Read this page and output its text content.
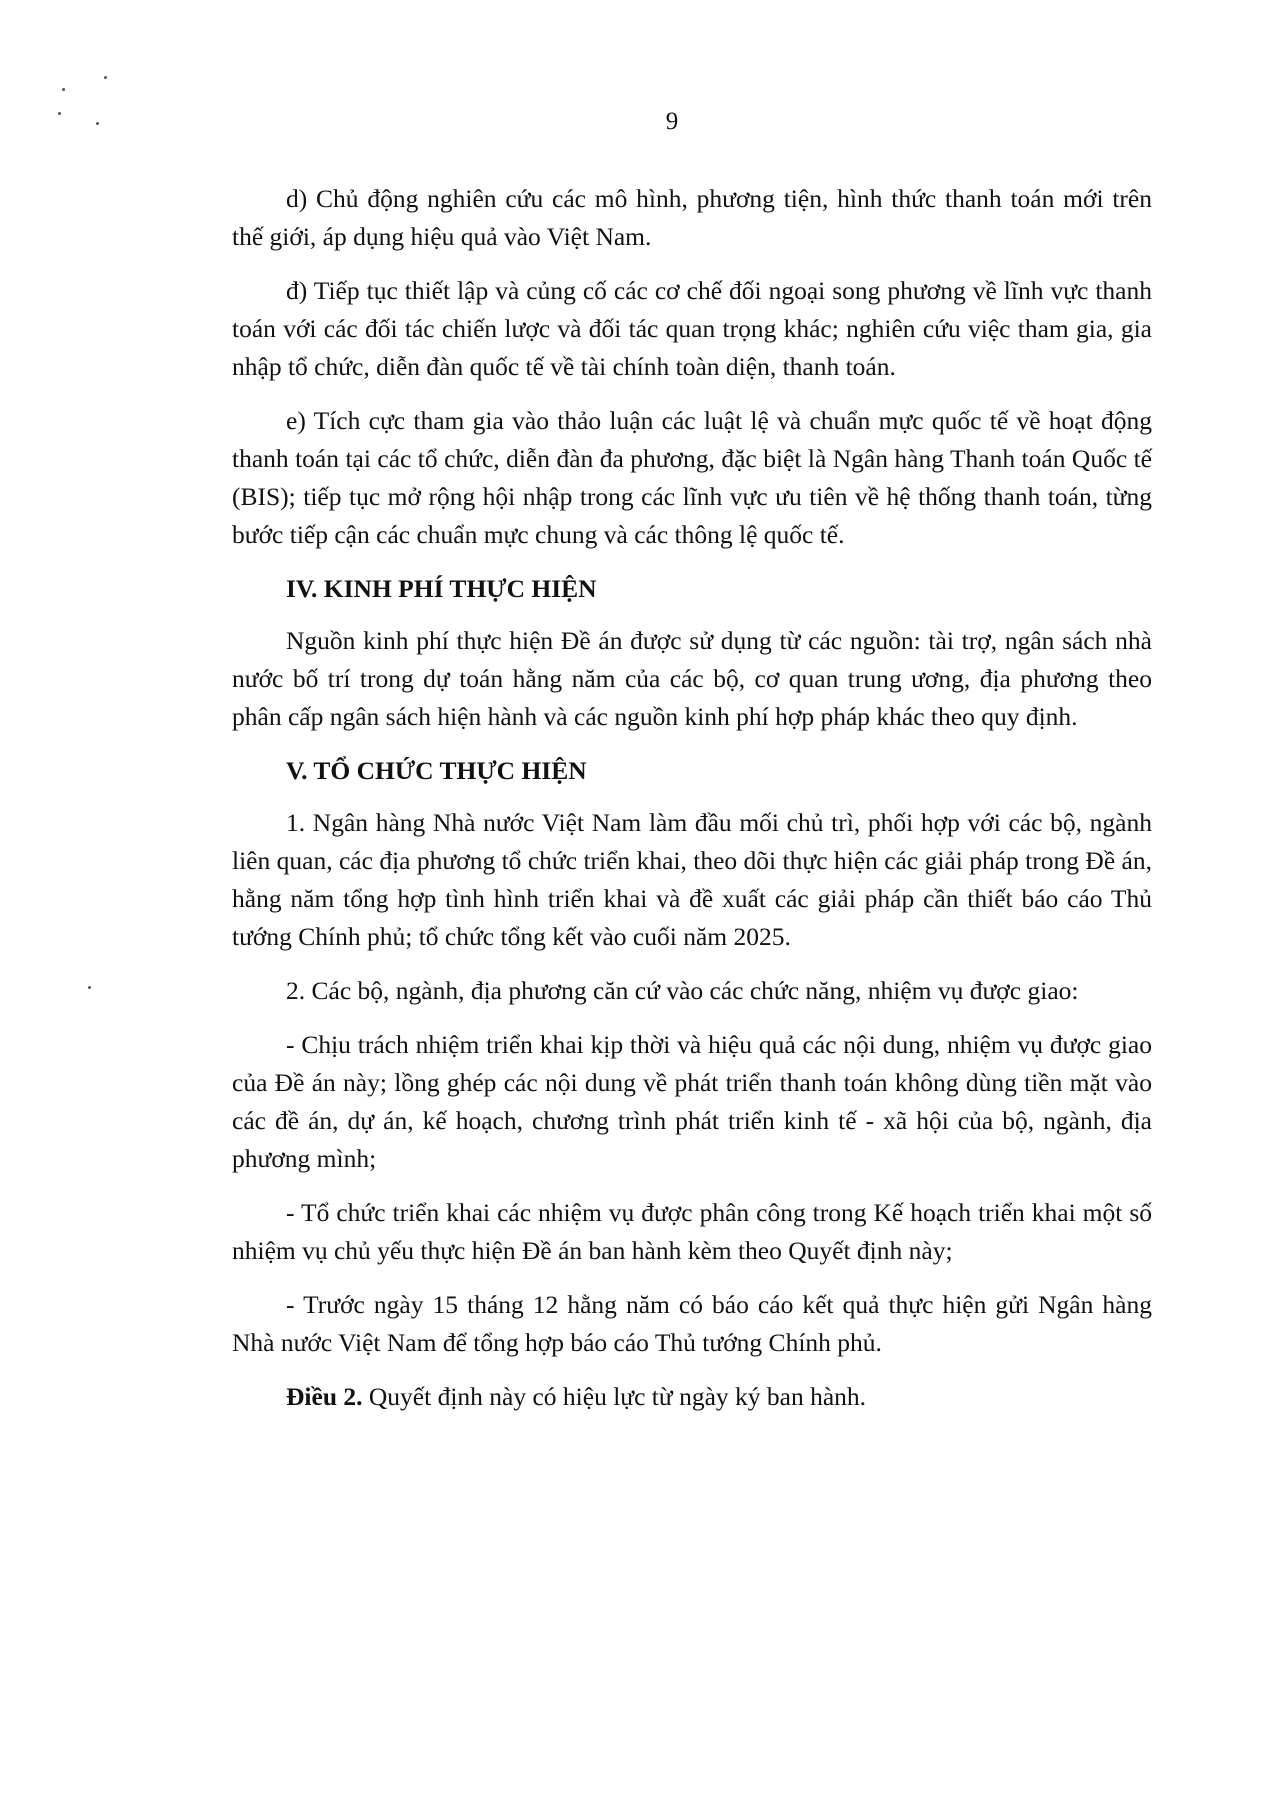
9

d) Chủ động nghiên cứu các mô hình, phương tiện, hình thức thanh toán mới trên thế giới, áp dụng hiệu quả vào Việt Nam.

đ) Tiếp tục thiết lập và củng cố các cơ chế đối ngoại song phương về lĩnh vực thanh toán với các đối tác chiến lược và đối tác quan trọng khác; nghiên cứu việc tham gia, gia nhập tổ chức, diễn đàn quốc tế về tài chính toàn diện, thanh toán.

e) Tích cực tham gia vào thảo luận các luật lệ và chuẩn mực quốc tế về hoạt động thanh toán tại các tổ chức, diễn đàn đa phương, đặc biệt là Ngân hàng Thanh toán Quốc tế (BIS); tiếp tục mở rộng hội nhập trong các lĩnh vực ưu tiên về hệ thống thanh toán, từng bước tiếp cận các chuẩn mực chung và các thông lệ quốc tế.

IV. KINH PHÍ THỰC HIỆN

Nguồn kinh phí thực hiện Đề án được sử dụng từ các nguồn: tài trợ, ngân sách nhà nước bố trí trong dự toán hằng năm của các bộ, cơ quan trung ương, địa phương theo phân cấp ngân sách hiện hành và các nguồn kinh phí hợp pháp khác theo quy định.

V. TỔ CHỨC THỰC HIỆN

1. Ngân hàng Nhà nước Việt Nam làm đầu mối chủ trì, phối hợp với các bộ, ngành liên quan, các địa phương tổ chức triển khai, theo dõi thực hiện các giải pháp trong Đề án, hằng năm tổng hợp tình hình triển khai và đề xuất các giải pháp cần thiết báo cáo Thủ tướng Chính phủ; tổ chức tổng kết vào cuối năm 2025.

2. Các bộ, ngành, địa phương căn cứ vào các chức năng, nhiệm vụ được giao:

- Chịu trách nhiệm triển khai kịp thời và hiệu quả các nội dung, nhiệm vụ được giao của Đề án này; lồng ghép các nội dung về phát triển thanh toán không dùng tiền mặt vào các đề án, dự án, kế hoạch, chương trình phát triển kinh tế - xã hội của bộ, ngành, địa phương mình;

- Tổ chức triển khai các nhiệm vụ được phân công trong Kế hoạch triển khai một số nhiệm vụ chủ yếu thực hiện Đề án ban hành kèm theo Quyết định này;

- Trước ngày 15 tháng 12 hằng năm có báo cáo kết quả thực hiện gửi Ngân hàng Nhà nước Việt Nam để tổng hợp báo cáo Thủ tướng Chính phủ.

Điều 2. Quyết định này có hiệu lực từ ngày ký ban hành.
